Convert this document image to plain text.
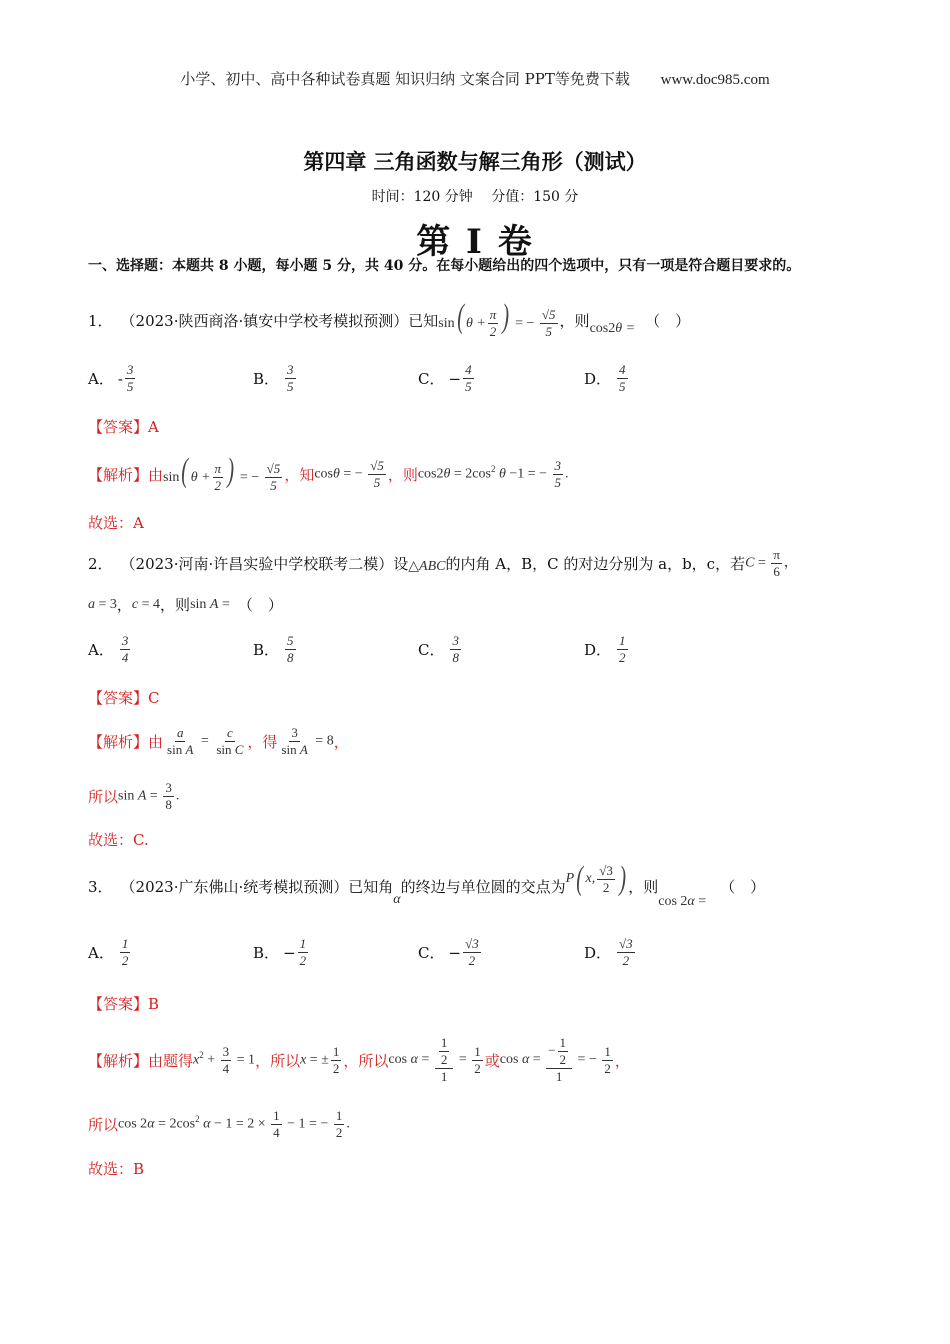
小学、初中、高中各种试卷真题 知识归纳 文案合同 PPT等免费下载 www.doc985.com
第四章 三角函数与解三角形（测试）
时间：120 分钟　 分值：150 分
第 I 卷
一、选择题：本题共 8 小题，每小题 5 分，共 40 分。在每小题给出的四个选项中，只有一项是符合题目要求的。
1． （2023·陕西商洛·镇安中学校考模拟预测）已知 sin( $\theta + \frac{\pi}{2}$ ) = − $\frac{√5}{5}$ ，则 cos2θ = （　）
A． - $\frac{3}{5}$	B． $\frac{3}{5}$	C． − $\frac{4}{5}$	D． $\frac{4}{5}$
【答案】 A
【解析】 由 sin( $\theta + \frac{\pi}{2}$ ) = − $\frac{√5}{5}$ ，知 cosθ = − $\frac{√5}{5}$ ，则 $\cos 2\theta = 2\cos^2$ θ −1 = − $\frac{3}{5}$ .
故选：A
2． （2023·河南·许昌实验中学校联考二模）设 △ABC 的内角 A，B，C 的对边分别为 a，b，c，若 $C = \frac{\pi}{6}$ ，
a = 3 ， c = 4 ，则 sin A = （　）
A． $\frac{3}{4}$	B． $\frac{5}{8}$	C． $\frac{3}{8}$	D． $\frac{1}{2}$
【答案】 C
【解析】 由 $\frac{a}{\text{sin A}} = \frac{c}{\text{sin C}}$ ，得 $\frac{3}{\text{sin A}} = 8$ ，
所以 $\sin A = \frac{3}{8}$ .
故选：C.
3． （2023·广东佛山·统考模拟预测）已知角
α
的终边与单位圆的交点为 P ( x, $\frac{√3}{2}$ ) ，则
cos 2α =
（　）
A． $\frac{1}{2}$	B． − $\frac{1}{2}$	C． − $\frac{√3}{2}$	D． $\frac{√3}{2}$
【答案】 B
【解析】 由题得 $x^2 + \frac{3}{4} = 1$ ，所以 x = ± $\frac{1}{2}$ ，所以 $\cos \alpha = \frac{\frac{1}{2}}{1} = \frac{1}{2}$ 或 $\cos \alpha = \frac{- \frac{1}{2}}{1}$ = − $\frac{1}{2}$ ，
所以 $\cos 2\alpha = 2\cos^2$ $\alpha - 1 = 2 \times \frac{1}{4} - 1$ = − $\frac{1}{2}$ .
故选：B
